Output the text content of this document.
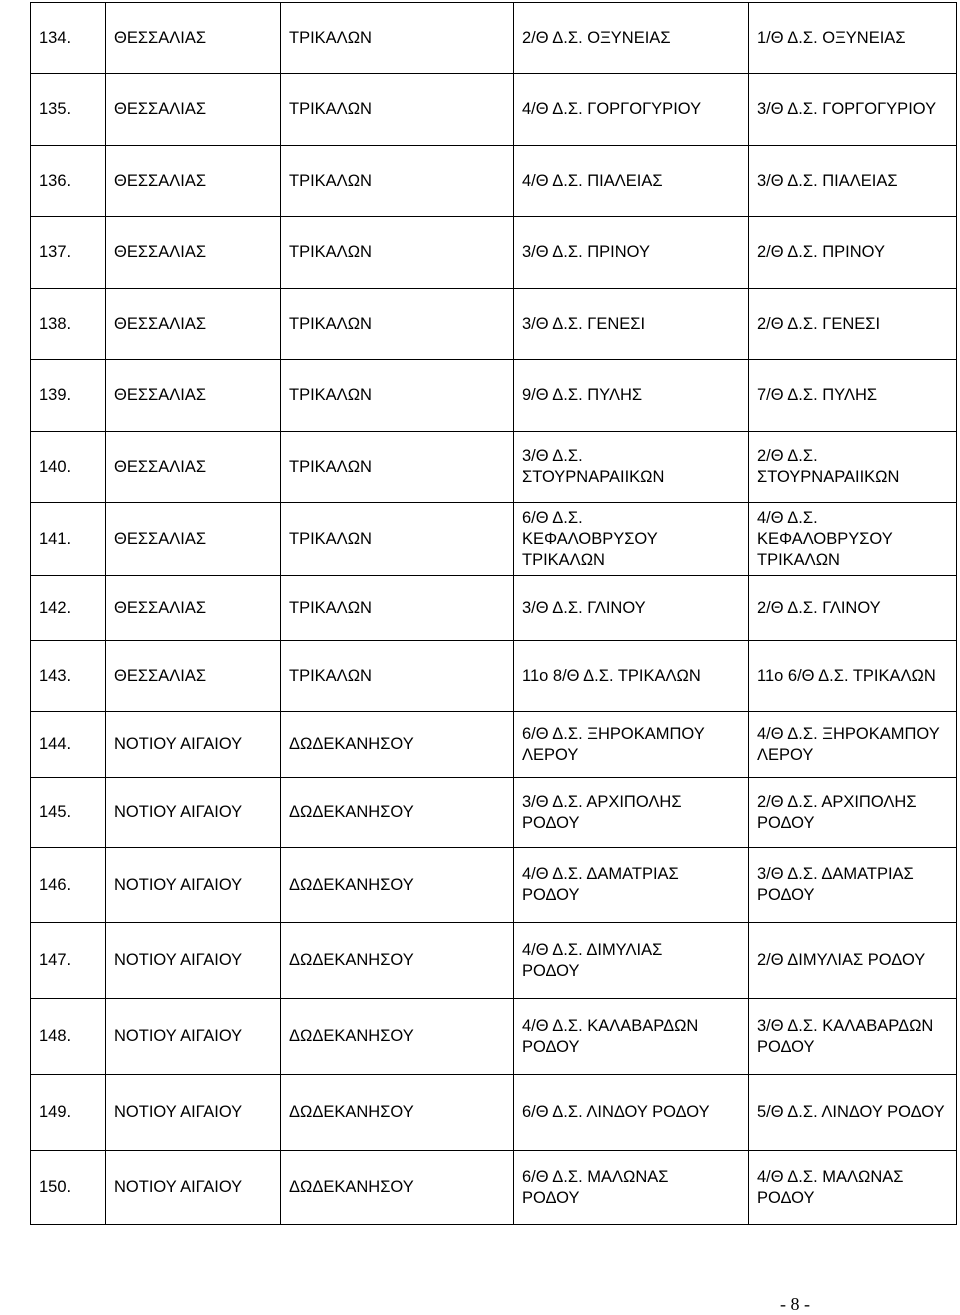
134.	ΘΕΣΣΑΛΙΑΣ	ΤΡΙΚΑΛΩΝ	2/Θ Δ.Σ. ΟΞΥΝΕΙΑΣ	1/Θ Δ.Σ. ΟΞΥΝΕΙΑΣ

135.	ΘΕΣΣΑΛΙΑΣ	ΤΡΙΚΑΛΩΝ	4/Θ Δ.Σ. ΓΟΡΓΟΓΥΡΙΟΥ	3/Θ Δ.Σ. ΓΟΡΓΟΓΥΡΙΟΥ

136.	ΘΕΣΣΑΛΙΑΣ	ΤΡΙΚΑΛΩΝ	4/Θ Δ.Σ. ΠΙΑΛΕΙΑΣ	3/Θ Δ.Σ. ΠΙΑΛΕΙΑΣ

137.	ΘΕΣΣΑΛΙΑΣ	ΤΡΙΚΑΛΩΝ	3/Θ Δ.Σ. ΠΡΙΝΟΥ	2/Θ Δ.Σ. ΠΡΙΝΟΥ

138.	ΘΕΣΣΑΛΙΑΣ	ΤΡΙΚΑΛΩΝ	3/Θ Δ.Σ. ΓΕΝΕΣΙ	2/Θ Δ.Σ. ΓΕΝΕΣΙ

139.	ΘΕΣΣΑΛΙΑΣ	ΤΡΙΚΑΛΩΝ	9/Θ Δ.Σ. ΠΥΛΗΣ	7/Θ Δ.Σ. ΠΥΛΗΣ

140.	ΘΕΣΣΑΛΙΑΣ	ΤΡΙΚΑΛΩΝ	3/Θ Δ.Σ.
ΣΤΟΥΡΝΑΡΑΙΙΚΩΝ	2/Θ Δ.Σ.
ΣΤΟΥΡΝΑΡΑΙΙΚΩΝ

141.	ΘΕΣΣΑΛΙΑΣ	ΤΡΙΚΑΛΩΝ	6/Θ Δ.Σ.
ΚΕΦΑΛΟΒΡΥΣΟΥ
ΤΡΙΚΑΛΩΝ	4/Θ Δ.Σ.
ΚΕΦΑΛΟΒΡΥΣΟΥ
ΤΡΙΚΑΛΩΝ

142.	ΘΕΣΣΑΛΙΑΣ	ΤΡΙΚΑΛΩΝ	3/Θ Δ.Σ. ΓΛΙΝΟΥ	2/Θ Δ.Σ. ΓΛΙΝΟΥ

143.	ΘΕΣΣΑΛΙΑΣ	ΤΡΙΚΑΛΩΝ	11ο 8/Θ Δ.Σ. ΤΡΙΚΑΛΩΝ	11ο 6/Θ Δ.Σ. ΤΡΙΚΑΛΩΝ

144.	ΝΟΤΙΟΥ ΑΙΓΑΙΟΥ	ΔΩΔΕΚΑΝΗΣΟΥ	6/Θ Δ.Σ. ΞΗΡΟΚΑΜΠΟΥ
ΛΕΡΟΥ	4/Θ Δ.Σ. ΞΗΡΟΚΑΜΠΟΥ
ΛΕΡΟΥ

145.	ΝΟΤΙΟΥ ΑΙΓΑΙΟΥ	ΔΩΔΕΚΑΝΗΣΟΥ	3/Θ Δ.Σ. ΑΡΧΙΠΟΛΗΣ
ΡΟΔΟΥ	2/Θ Δ.Σ. ΑΡΧΙΠΟΛΗΣ
ΡΟΔΟΥ

146.	ΝΟΤΙΟΥ ΑΙΓΑΙΟΥ	ΔΩΔΕΚΑΝΗΣΟΥ	4/Θ Δ.Σ. ΔΑΜΑΤΡΙΑΣ
ΡΟΔΟΥ	3/Θ Δ.Σ. ΔΑΜΑΤΡΙΑΣ
ΡΟΔΟΥ

147.	ΝΟΤΙΟΥ ΑΙΓΑΙΟΥ	ΔΩΔΕΚΑΝΗΣΟΥ	4/Θ Δ.Σ. ΔΙΜΥΛΙΑΣ
ΡΟΔΟΥ	2/Θ ΔΙΜΥΛΙΑΣ ΡΟΔΟΥ

148.	ΝΟΤΙΟΥ ΑΙΓΑΙΟΥ	ΔΩΔΕΚΑΝΗΣΟΥ	4/Θ Δ.Σ. ΚΑΛΑΒΑΡΔΩΝ
ΡΟΔΟΥ	3/Θ Δ.Σ. ΚΑΛΑΒΑΡΔΩΝ
ΡΟΔΟΥ

149.	ΝΟΤΙΟΥ ΑΙΓΑΙΟΥ	ΔΩΔΕΚΑΝΗΣΟΥ	6/Θ Δ.Σ. ΛΙΝΔΟΥ ΡΟΔΟΥ	5/Θ Δ.Σ. ΛΙΝΔΟΥ ΡΟΔΟΥ

150.	ΝΟΤΙΟΥ ΑΙΓΑΙΟΥ	ΔΩΔΕΚΑΝΗΣΟΥ	6/Θ Δ.Σ. ΜΑΛΩΝΑΣ
ΡΟΔΟΥ	4/Θ Δ.Σ. ΜΑΛΩΝΑΣ
ΡΟΔΟΥ
- 8 -
